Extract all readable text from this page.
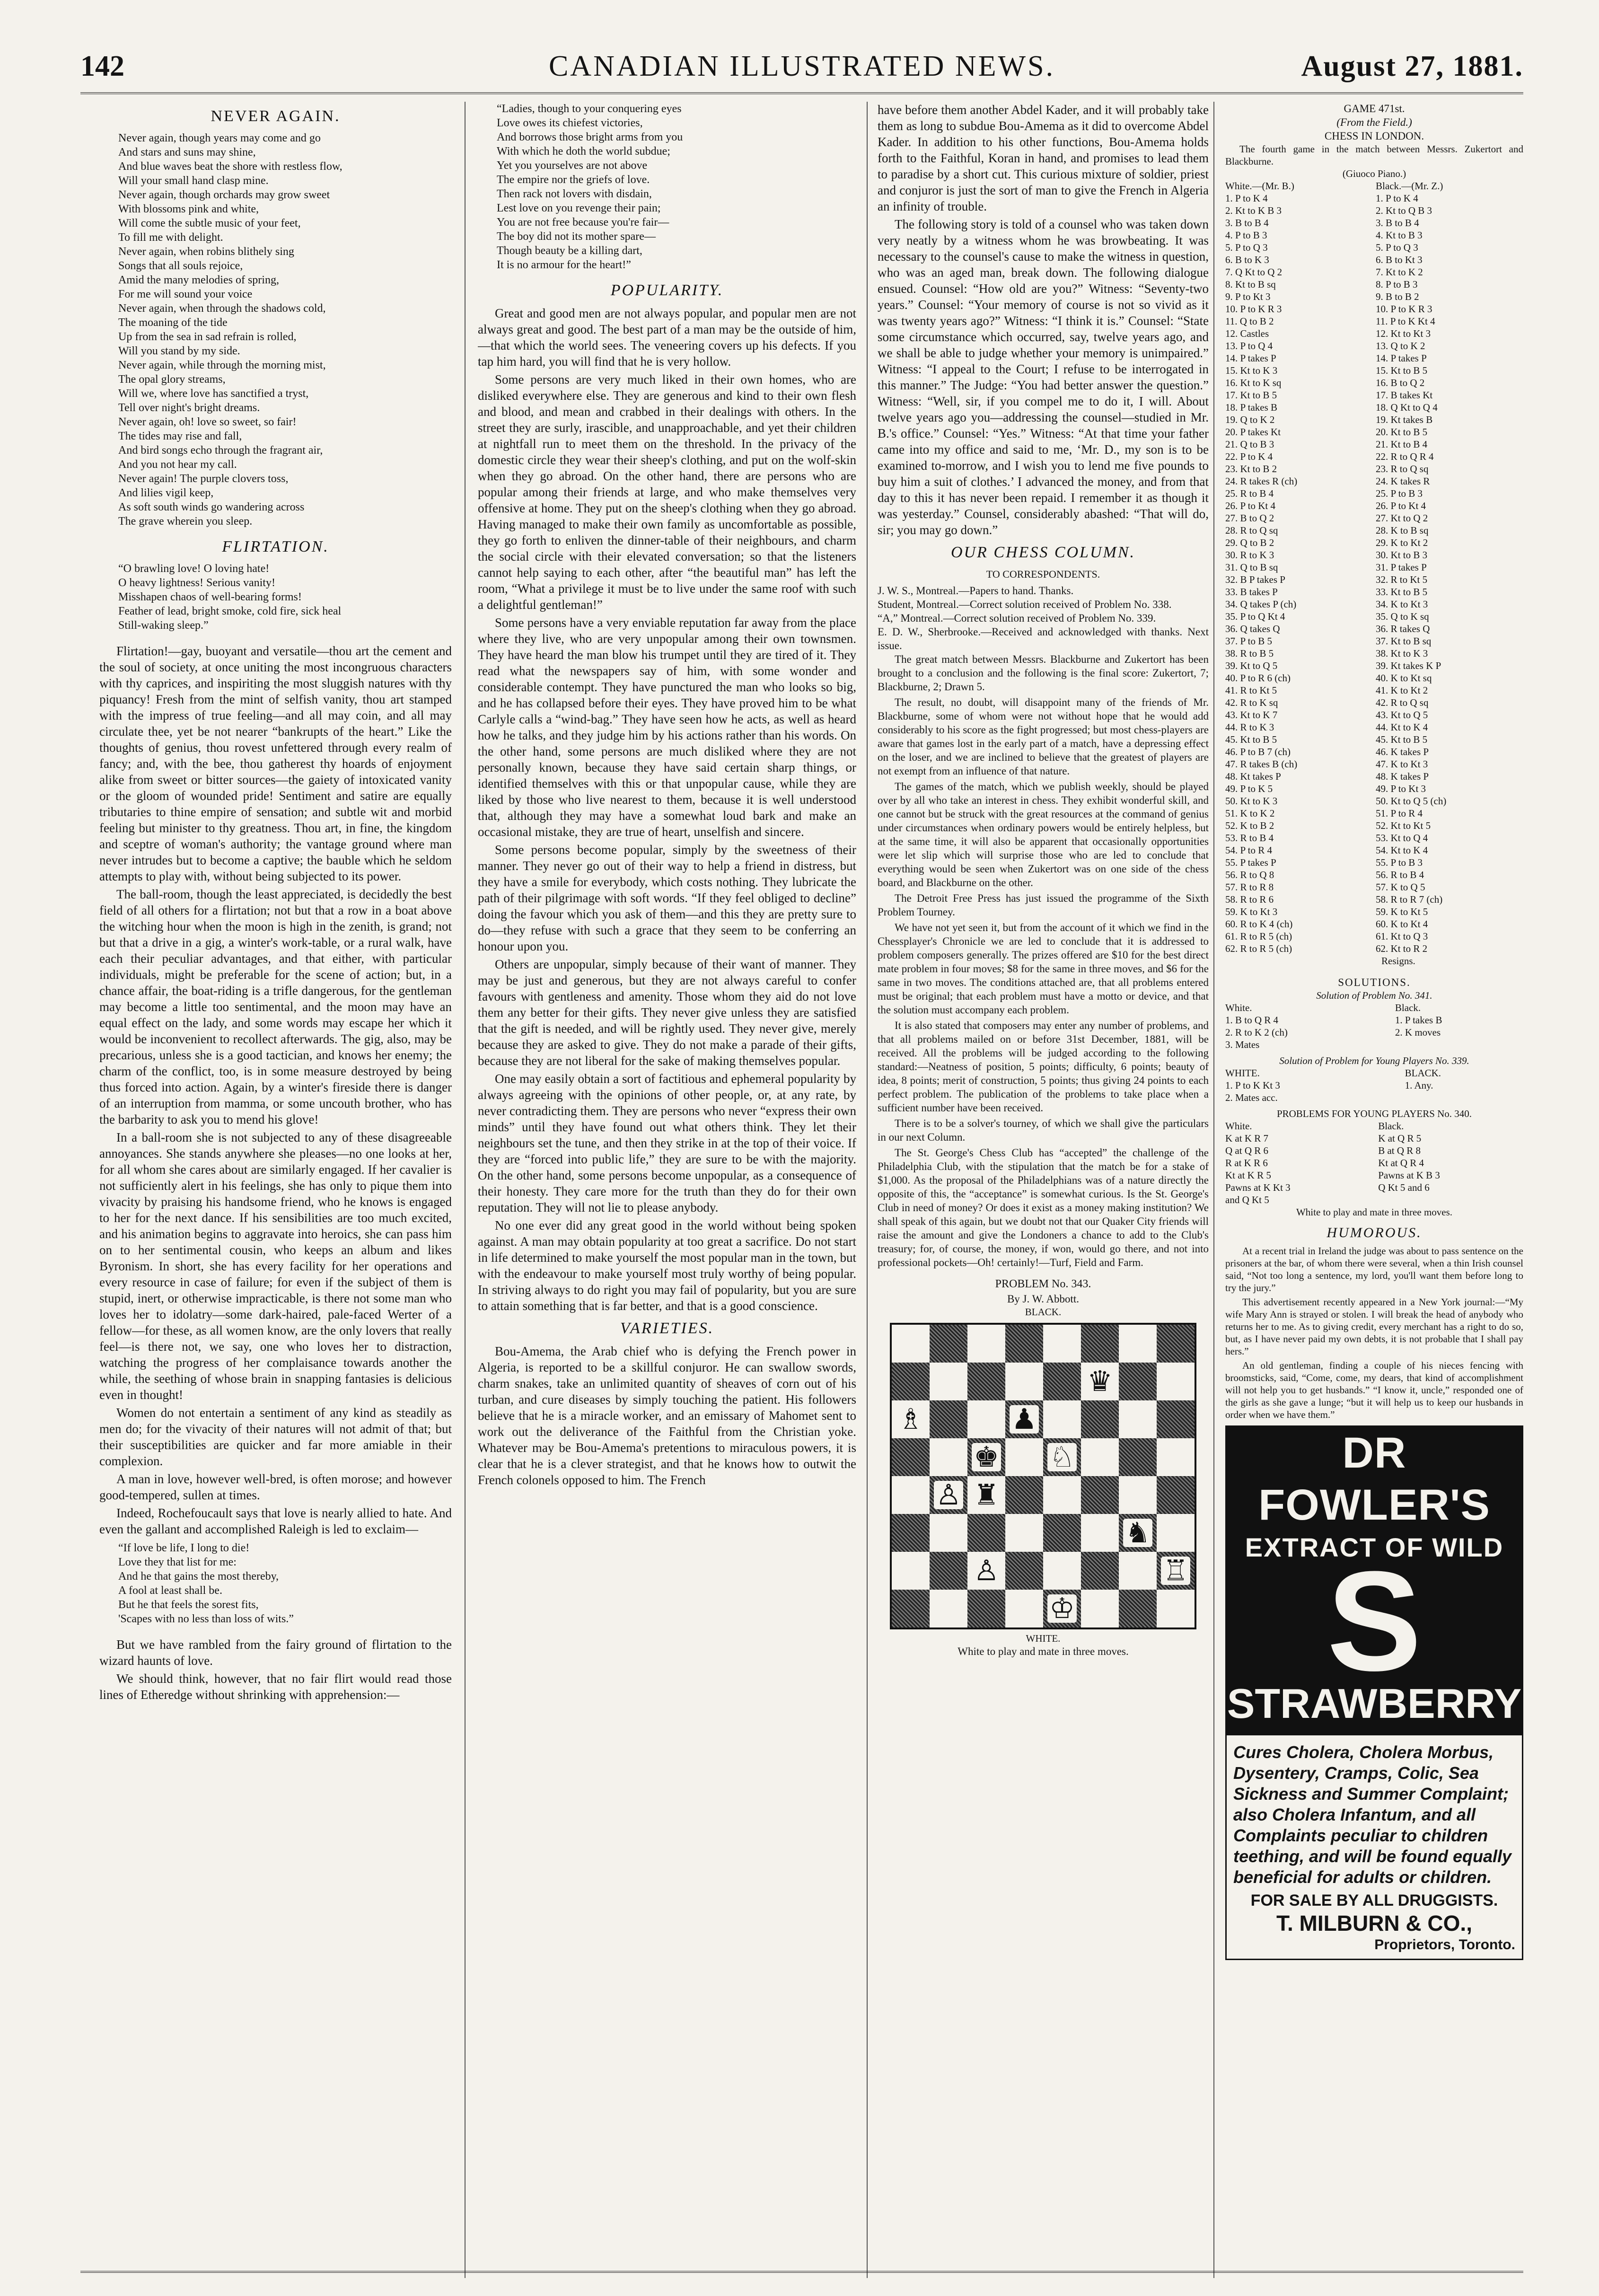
CANADIAN ILLUSTRATED NEWS.
142	August 27, 1881.
NEVER AGAIN.
Never again, though years may come and go
And stars and suns may shine,
And blue waves beat the shore with restless flow,
Will your small hand clasp mine.
Never again, though orchards may grow sweet
With blossoms pink and white,
Will come the subtle music of your feet,
To fill me with delight.
Never again, when robins blithely sing
Songs that all souls rejoice,
Amid the many melodies of spring,
For me will sound your voice
Never again, when through the shadows cold,
The moaning of the tide
Up from the sea in sad refrain is rolled,
Will you stand by my side.
Never again, while through the morning mist,
The opal glory streams,
Will we, where love has sanctified a tryst,
Tell over night's bright dreams.
Never again, oh! love so sweet, so fair!
The tides may rise and fall,
And bird songs echo through the fragrant air,
And you not hear my call.
Never again! The purple clovers toss,
And lilies vigil keep,
As soft south winds go wandering across
The grave wherein you sleep.
FLIRTATION.
“O brawling love! O loving hate!
O heavy lightness! Serious vanity!
Misshapen chaos of well-bearing forms!
Feather of lead, bright smoke, cold fire, sick heal
Still-waking sleep.”

Flirtation!—gay, buoyant and versatile—thou art the cement and the soul of society, at once uniting the most incongruous characters with thy caprices, and inspiriting the most sluggish natures with thy piquancy! Fresh from the mint of selfish vanity, thou art stamped with the impress of true feeling—and all may coin, and all may circulate thee, yet be not nearer “bankrupts of the heart.” Like the thoughts of genius, thou rovest unfettered through every realm of fancy; and, with the bee, thou gatherest thy hoards of enjoyment alike from sweet or bitter sources—the gaiety of intoxicated vanity or the gloom of wounded pride! Sentiment and satire are equally tributaries to thine empire of sensation; and subtle wit and morbid feeling but minister to thy greatness. Thou art, in fine, the kingdom and sceptre of woman's authority; the vantage ground where man never intrudes but to become a captive; the bauble which he seldom attempts to play with, without being subjected to its power.

The ball-room, though the least appreciated, is decidedly the best field of all others for a flirtation; not but that a row in a boat above the witching hour when the moon is high in the zenith, is grand; not but that a drive in a gig, a winter's work-table, or a rural walk, have each their peculiar advantages, and that either, with particular individuals, might be preferable for the scene of action; but, in a chance affair, the boat-riding is a trifle dangerous, for the gentleman may become a little too sentimental, and the moon may have an equal effect on the lady, and some words may escape her which it would be inconvenient to recollect afterwards. The gig, also, may be precarious, unless she is a good tactician, and knows her enemy; the charm of the conflict, too, is in some measure destroyed by being thus forced into action. Again, by a winter's fireside there is danger of an interruption from mamma, or some uncouth brother, who has the barbarity to ask you to mend his glove!

In a ball-room she is not subjected to any of these disagreeable annoyances. She stands anywhere she pleases—no one looks at her, for all whom she cares about are similarly engaged. If her cavalier is not sufficiently alert in his feelings, she has only to pique them into vivacity by praising his handsome friend, who he knows is engaged to her for the next dance. If his sensibilities are too much excited, and his animation begins to aggravate into heroics, she can pass him on to her sentimental cousin, who keeps an album and likes Byronism. In short, she has every facility for her operations and every resource in case of failure; for even if the subject of them is stupid, inert, or otherwise impracticable, is there not some man who loves her to idolatry—some dark-haired, pale-faced Werter of a fellow—for these, as all women know, are the only lovers that really feel—is there not, we say, one who loves her to distraction, watching the progress of her complaisance towards another the while, the seething of whose brain in snapping fantasies is delicious even in thought!

Women do not entertain a sentiment of any kind as steadily as men do; for the vivacity of their natures will not admit of that; but their susceptibilities are quicker and far more amiable in their complexion.

A man in love, however well-bred, is often morose; and however good-tempered, sullen at times.

Indeed, Rochefoucault says that love is nearly allied to hate. And even the gallant and accomplished Raleigh is led to exclaim—

“If love be life, I long to die!
Love they that list for me:
And he that gains the most thereby,
A fool at least shall be.
But he that feels the sorest fits,
'Scapes with no less than loss of wits.”

But we have rambled from the fairy ground of flirtation to the wizard haunts of love.

We should think, however, that no fair flirt would read those lines of Etheredge without shrinking with apprehension:—

“Ladies, though to your conquering eyes
Love owes its chiefest victories,
And borrows those bright arms from you
With which he doth the world subdue;
Yet you yourselves are not above
The empire nor the griefs of love.
Then rack not lovers with disdain,
Lest love on you revenge their pain;
You are not free because you're fair—
The boy did not its mother spare—
Though beauty be a killing dart,
It is no armour for the heart!”
POPULARITY.

Great and good men are not always popular, and popular men are not always great and good. The best part of a man may be the outside of him,—that which the world sees. The veneering covers up his defects. If you tap him hard, you will find that he is very hollow.

Some persons are very much liked in their own homes, who are disliked everywhere else. They are generous and kind to their own flesh and blood, and mean and crabbed in their dealings with others. In the street they are surly, irascible, and unapproachable, and yet their children at nightfall run to meet them on the threshold. In the privacy of the domestic circle they wear their sheep's clothing, and put on the wolf-skin when they go abroad. On the other hand, there are persons who are popular among their friends at large, and who make themselves very offensive at home. They put on the sheep's clothing when they go abroad. Having managed to make their own family as uncomfortable as possible, they go forth to enliven the dinner-table of their neighbours, and charm the social circle with their elevated conversation; so that the listeners cannot help saying to each other, after “the beautiful man” has left the room, “What a privilege it must be to live under the same roof with such a delightful gentleman!”

Some persons have a very enviable reputation far away from the place where they live, who are very unpopular among their own townsmen. They have heard the man blow his trumpet until they are tired of it. They read what the newspapers say of him, with some wonder and considerable contempt. They have punctured the man who looks so big, and he has collapsed before their eyes. They have proved him to be what Carlyle calls a “wind-bag.” They have seen how he acts, as well as heard how he talks, and they judge him by his actions rather than his words. On the other hand, some persons are much disliked where they are not personally known, because they have said certain sharp things, or identified themselves with this or that unpopular cause, while they are liked by those who live nearest to them, because it is well understood that, although they may have a somewhat loud bark and make an occasional mistake, they are true of heart, unselfish and sincere.

Some persons become popular, simply by the sweetness of their manner. They never go out of their way to help a friend in distress, but they have a smile for everybody, which costs nothing. They lubricate the path of their pilgrimage with soft words. “If they feel obliged to decline” doing the favour which you ask of them—and this they are pretty sure to do—they refuse with such a grace that they seem to be conferring an honour upon you.

Others are unpopular, simply because of their want of manner. They may be just and generous, but they are not always careful to confer favours with gentleness and amenity. Those whom they aid do not love them any better for their gifts. They never give unless they are satisfied that the gift is needed, and will be rightly used. They never give, merely because they are asked to give. They do not make a parade of their gifts, because they are not liberal for the sake of making themselves popular.

One may easily obtain a sort of factitious and ephemeral popularity by always agreeing with the opinions of other people, or, at any rate, by never contradicting them. They are persons who never “express their own minds” until they have found out what others think. They let their neighbours set the tune, and then they strike in at the top of their voice. If they are “forced into public life,” they are sure to be with the majority. On the other hand, some persons become unpopular, as a consequence of their honesty. They care more for the truth than they do for their own reputation. They will not lie to please anybody.

No one ever did any great good in the world without being spoken against. A man may obtain popularity at too great a sacrifice. Do not start in life determined to make yourself the most popular man in the town, but with the endeavour to make yourself most truly worthy of being popular. In striving always to do right you may fail of popularity, but you are sure to attain something that is far better, and that is a good conscience.

VARIETIES.

Bou-Amema, the Arab chief who is defying the French power in Algeria, is reported to be a skillful conjuror. He can swallow swords, charm snakes, take an unlimited quantity of sheaves of corn out of his turban, and cure diseases by simply touching the patient. His followers believe that he is a miracle worker, and an emissary of Mahomet sent to work out the deliverance of the Faithful from the Christian yoke. Whatever may be Bou-Amema's pretentions to miraculous powers, it is clear that he is a clever strategist, and that he knows how to outwit the French colonels opposed to him. The French

have before them another Abdel Kader, and it will probably take them as long to subdue Bou-Amema as it did to overcome Abdel Kader. In addition to his other functions, Bou-Amema holds forth to the Faithful, Koran in hand, and promises to lead them to paradise by a short cut. This curious mixture of soldier, priest and conjuror is just the sort of man to give the French in Algeria an infinity of trouble.

The following story is told of a counsel who was taken down very neatly by a witness whom he was browbeating. It was necessary to the counsel's cause to make the witness in question, who was an aged man, break down. The following dialogue ensued. Counsel: “How old are you?” Witness: “Seventy-two years.” Counsel: “Your memory of course is not so vivid as it was twenty years ago?” Witness: “I think it is.” Counsel: “State some circumstance which occurred, say, twelve years ago, and we shall be able to judge whether your memory is unimpaired.” Witness: “I appeal to the Court; I refuse to be interrogated in this manner.” The Judge: “You had better answer the question.” Witness: “Well, sir, if you compel me to do it, I will. About twelve years ago you—addressing the counsel—studied in Mr. B.'s office.” Counsel: “Yes.” Witness: “At that time your father came into my office and said to me, ‘Mr. D., my son is to be examined to-morrow, and I wish you to lend me five pounds to buy him a suit of clothes.’ I advanced the money, and from that day to this it has never been repaid. I remember it as though it was yesterday.” Counsel, considerably abashed: “That will do, sir; you may go down.”

OUR CHESS COLUMN.
TO CORRESPONDENTS.
J. W. S., Montreal.—Papers to hand. Thanks.
Student, Montreal.—Correct solution received of Problem No. 338.
“A,” Montreal.—Correct solution received of Problem No. 339.
E. D. W., Sherbrooke.—Received and acknowledged with thanks. Next issue.

The great match between Messrs. Blackburne and Zukertort has been brought to a conclusion and the following is the final score: Zukertort, 7; Blackburne, 2; Drawn 5.

The result, no doubt, will disappoint many of the friends of Mr. Blackburne, some of whom were not without hope that he would add considerably to his score as the fight progressed; but most chess-players are aware that games lost in the early part of a match, have a depressing effect on the loser, and we are inclined to believe that the greatest of players are not exempt from an influence of that nature.

The games of the match, which we publish weekly, should be played over by all who take an interest in chess. They exhibit wonderful skill, and one cannot but be struck with the great resources at the command of genius under circumstances when ordinary powers would be entirely helpless, but at the same time, it will also be apparent that occasionally opportunities were let slip which will surprise those who are led to conclude that everything would be seen when Zukertort was on one side of the chess board, and Blackburne on the other.

The Detroit Free Press has just issued the programme of the Sixth Problem Tourney.

We have not yet seen it, but from the account of it which we find in the Chessplayer's Chronicle we are led to conclude that it is addressed to problem composers generally. The prizes offered are $10 for the best direct mate problem in four moves; $8 for the same in three moves, and $6 for the same in two moves. The conditions attached are, that all problems entered must be original; that each problem must have a motto or device, and that the solution must accompany each problem.

It is also stated that composers may enter any number of problems, and that all problems mailed on or before 31st December, 1881, will be received. All the problems will be judged according to the following standard:—Neatness of position, 5 points; difficulty, 6 points; beauty of idea, 8 points; merit of construction, 5 points; thus giving 24 points to each perfect problem. The publication of the problems to take place when a sufficient number have been received.

There is to be a solver's tourney, of which we shall give the particulars in our next Column.

The St. George's Chess Club has “accepted” the challenge of the Philadelphia Club, with the stipulation that the match be for a stake of $1,000. As the proposal of the Philadelphians was of a nature directly the opposite of this, the “acceptance” is somewhat curious. Is the St. George's Club in need of money? Or does it exist as a money making institution? We shall speak of this again, but we doubt not that our Quaker City friends will raise the amount and give the Londoners a chance to add to the Club's treasury; for, of course, the money, if won, would go there, and not into professional pockets—Oh! certainly!—Turf, Field and Farm.

PROBLEM No. 343.
By J. W. Abbott.
BLACK.
♛
♗	♟
♚ ♘
♙ ♜
♞
♙	♖
♔
WHITE.
White to play and mate in three moves.
GAME 471st.
(From the Field.)
CHESS IN LONDON.
The fourth game in the match between Messrs. Zukertort and Blackburne.
(Giuoco Piano.)
White.—(Mr. B.)	Black.—(Mr. Z.)
1. P to K 4	1. P to K 4
2. Kt to K B 3	2. Kt to Q B 3
3. B to B 4	3. B to B 4
4. P to B 3	4. Kt to B 3
5. P to Q 3	5. P to Q 3
6. B to K 3	6. B to Kt 3
7. Q Kt to Q 2	7. Kt to K 2
8. Kt to B sq	8. P to B 3
9. P to Kt 3	9. B to B 2
10. P to K R 3	10. P to K R 3
11. Q to B 2	11. P to K Kt 4
12. Castles	12. Kt to Kt 3
13. P to Q 4	13. Q to K 2
14. P takes P	14. P takes P
15. Kt to K 3	15. Kt to B 5
16. Kt to K sq	16. B to Q 2
17. Kt to B 5	17. B takes Kt
18. P takes B	18. Q Kt to Q 4
19. Q to K 2	19. Kt takes B
20. P takes Kt	20. Kt to B 5
21. Q to B 3	21. Kt to B 4
22. P to K 4	22. R to Q R 4
23. Kt to B 2	23. R to Q sq
24. R takes R (ch)	24. K takes R
25. R to B 4	25. P to B 3
26. P to Kt 4	26. P to Kt 4
27. B to Q 2	27. Kt to Q 2
28. R to Q sq	28. K to B sq
29. Q to B 2	29. K to Kt 2
30. R to K 3	30. Kt to B 3
31. Q to B sq	31. P takes P
32. B P takes P	32. R to Kt 5
33. B takes P	33. Kt to B 5
34. Q takes P (ch)	34. K to Kt 3
35. P to Q Kt 4	35. Q to K sq
36. Q takes Q	36. R takes Q
37. P to B 5	37. Kt to B sq
38. R to B 5	38. Kt to K 3
39. Kt to Q 5	39. Kt takes K P
40. P to R 6 (ch)	40. K to Kt sq
41. R to Kt 5	41. K to Kt 2
42. R to K sq	42. R to Q sq
43. Kt to K 7	43. Kt to Q 5
44. R to K 3	44. Kt to K 4
45. Kt to B 5	45. Kt to B 5
46. P to B 7 (ch)	46. K takes P
47. R takes B (ch)	47. K to Kt 3
48. Kt takes P	48. K takes P
49. P to K 5	49. P to Kt 3
50. Kt to K 3	50. Kt to Q 5 (ch)
51. K to K 2	51. P to R 4
52. K to B 2	52. Kt to Kt 5
53. R to B 4	53. Kt to Q 4
54. P to R 4	54. Kt to K 4
55. P takes P	55. P to B 3
56. R to Q 8	56. R to B 4
57. R to R 8	57. K to Q 5
58. R to R 6	58. R to R 7 (ch)
59. K to Kt 3	59. K to Kt 5
60. R to K 4 (ch)	60. K to Kt 4
61. R to R 5 (ch)	61. Kt to Q 3
62. R to R 5 (ch)	62. Kt to R 2
Resigns.
SOLUTIONS.
Solution of Problem No. 341.
White.	Black.
1. B to Q R 4	1. P takes B
2. R to K 2 (ch)	2. K moves
3. Mates	
Solution of Problem for Young Players No. 339.
WHITE.	BLACK.
1. P to K Kt 3	1. Any.
2. Mates acc.	
PROBLEMS FOR YOUNG PLAYERS No. 340.
White.	Black.
K at K R 7	K at Q R 5
Q at Q R 6	B at Q R 8
R at K R 6	Kt at Q R 4
Kt at K R 5	Pawns at K B 3
Pawns at K Kt 3	Q Kt 5 and 6
and Q Kt 5	
White to play and mate in three moves.
HUMOROUS.

At a recent trial in Ireland the judge was about to pass sentence on the prisoners at the bar, of whom there were several, when a thin Irish counsel said, “Not too long a sentence, my lord, you'll want them before long to try the jury.”

This advertisement recently appeared in a New York journal:—“My wife Mary Ann is strayed or stolen. I will break the head of anybody who returns her to me. As to giving credit, every merchant has a right to do so, but, as I have never paid my own debts, it is not probable that I shall pay hers.”

An old gentleman, finding a couple of his nieces fencing with broomsticks, said, “Come, come, my dears, that kind of accomplishment will not help you to get husbands.” “I know it, uncle,” responded one of the girls as she gave a lunge; “but it will help us to keep our husbands in order when we have them.”

DR FOWLER'S
EXTRACT OF WILD
S
STRAWBERRY
Cures Cholera, Cholera Morbus, Dysentery, Cramps, Colic, Sea Sickness and Summer Complaint; also Cholera Infantum, and all Complaints peculiar to children teething, and will be found equally beneficial for adults or children.
FOR SALE BY ALL DRUGGISTS.
T. MILBURN & CO.,
Proprietors, Toronto.
